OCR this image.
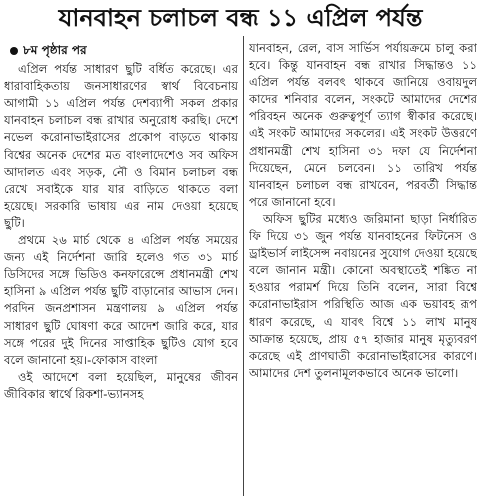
যানবাহন চলাচল বন্ধ ১১ এপ্রিল পর্যন্ত
৮ম পৃষ্ঠার পর

এপ্রিল পর্যন্ত সাধারণ ছুটি বর্ধিত করেছে। এর ধারাবাহিকতায় জনসাধারণের স্বার্থ বিবেচনায় আগামী ১১ এপ্রিল পর্যন্ত দেশব্যাপী সকল প্রকার যানবাহন চলাচল বন্ধ রাখার অনুরোধ করছি। দেশে নভেল করোনাভাইরাসের প্রকোপ বাড়তে থাকায় বিশ্বের অনেক দেশের মত বাংলাদেশেও সব অফিস আদালত এবং সড়ক, নৌ ও বিমান চলাচল বন্ধ রেখে সবাইকে যার যার বাড়িতে থাকতে বলা হয়েছে। সরকারি ভাষায় এর নাম দেওয়া হয়েছে ছুটি।

প্রথমে ২৬ মার্চ থেকে ৪ এপ্রিল পর্যন্ত সময়ের জন্য এই নির্দেশনা জারি হলেও গত ৩১ মার্চ ডিসিদের সঙ্গে ভিডিও কনফারেন্সে প্রধানমন্ত্রী শেখ হাসিনা ৯ এপ্রিল পর্যন্ত ছুটি বাড়ানোর আভাস দেন। পরদিন জনপ্রশাসন মন্ত্রণালয় ৯ এপ্রিল পর্যন্ত সাধারণ ছুটি ঘোষণা করে আদেশ জারি করে, যার সঙ্গে পরের দুই দিনের সাপ্তাহিক ছুটিও যোগ হবে বলে জানানো হয়।-ফোকাস বাংলা

ওই আদেশে বলা হয়েছিল, মানুষের জীবন জীবিকার স্বার্থে রিকশা-ভ্যানসহ

যানবাহন, রেল, বাস সার্ভিস পর্যায়ক্রমে চালু করা হবে। কিন্তু যানবাহন বন্ধ রাখার সিদ্ধান্তও ১১ এপ্রিল পর্যন্ত বলবৎ থাকবে জানিয়ে ওবায়দুল কাদের শনিবার বলেন, সংকটে আমাদের দেশের পরিবহন অনেক গুরুত্বপূর্ণ ত্যাগ স্বীকার করেছে। এই সংকট আমাদের সকলের। এই সংকট উত্তরণে প্রধানমন্ত্রী শেখ হাসিনা ৩১ দফা যে নির্দেশনা দিয়েছেন, মেনে চলবেন। ১১ তারিখ পর্যন্ত যানবাহন চলাচল বন্ধ রাখবেন, পরবর্তী সিদ্ধান্ত পরে জানানো হবে।

অফিস ছুটির মধ্যেও জরিমানা ছাড়া নির্ধারিত ফি দিয়ে ৩১ জুন পর্যন্ত যানবাহনের ফিটনেস ও ড্রাইভার্স লাইসেন্স নবায়নের সুযোগ দেওয়া হয়েছে বলে জানান মন্ত্রী। কোনো অবস্থাতেই শঙ্কিত না হওয়ার পরামর্শ দিয়ে তিনি বলেন, সারা বিশ্বে করোনাভাইরাস পরিস্থিতি আজ এক ভয়াবহ রূপ ধারণ করেছে, এ যাবৎ বিশ্বে ১১ লাখ মানুষ আক্রান্ত হয়েছে, প্রায় ৫৭ হাজার মানুষ মৃত্যুবরণ করেছে এই প্রাণঘাতী করোনাভাইরাসের কারণে। আমাদের দেশ তুলনামূলকভাবে অনেক ভালো।
